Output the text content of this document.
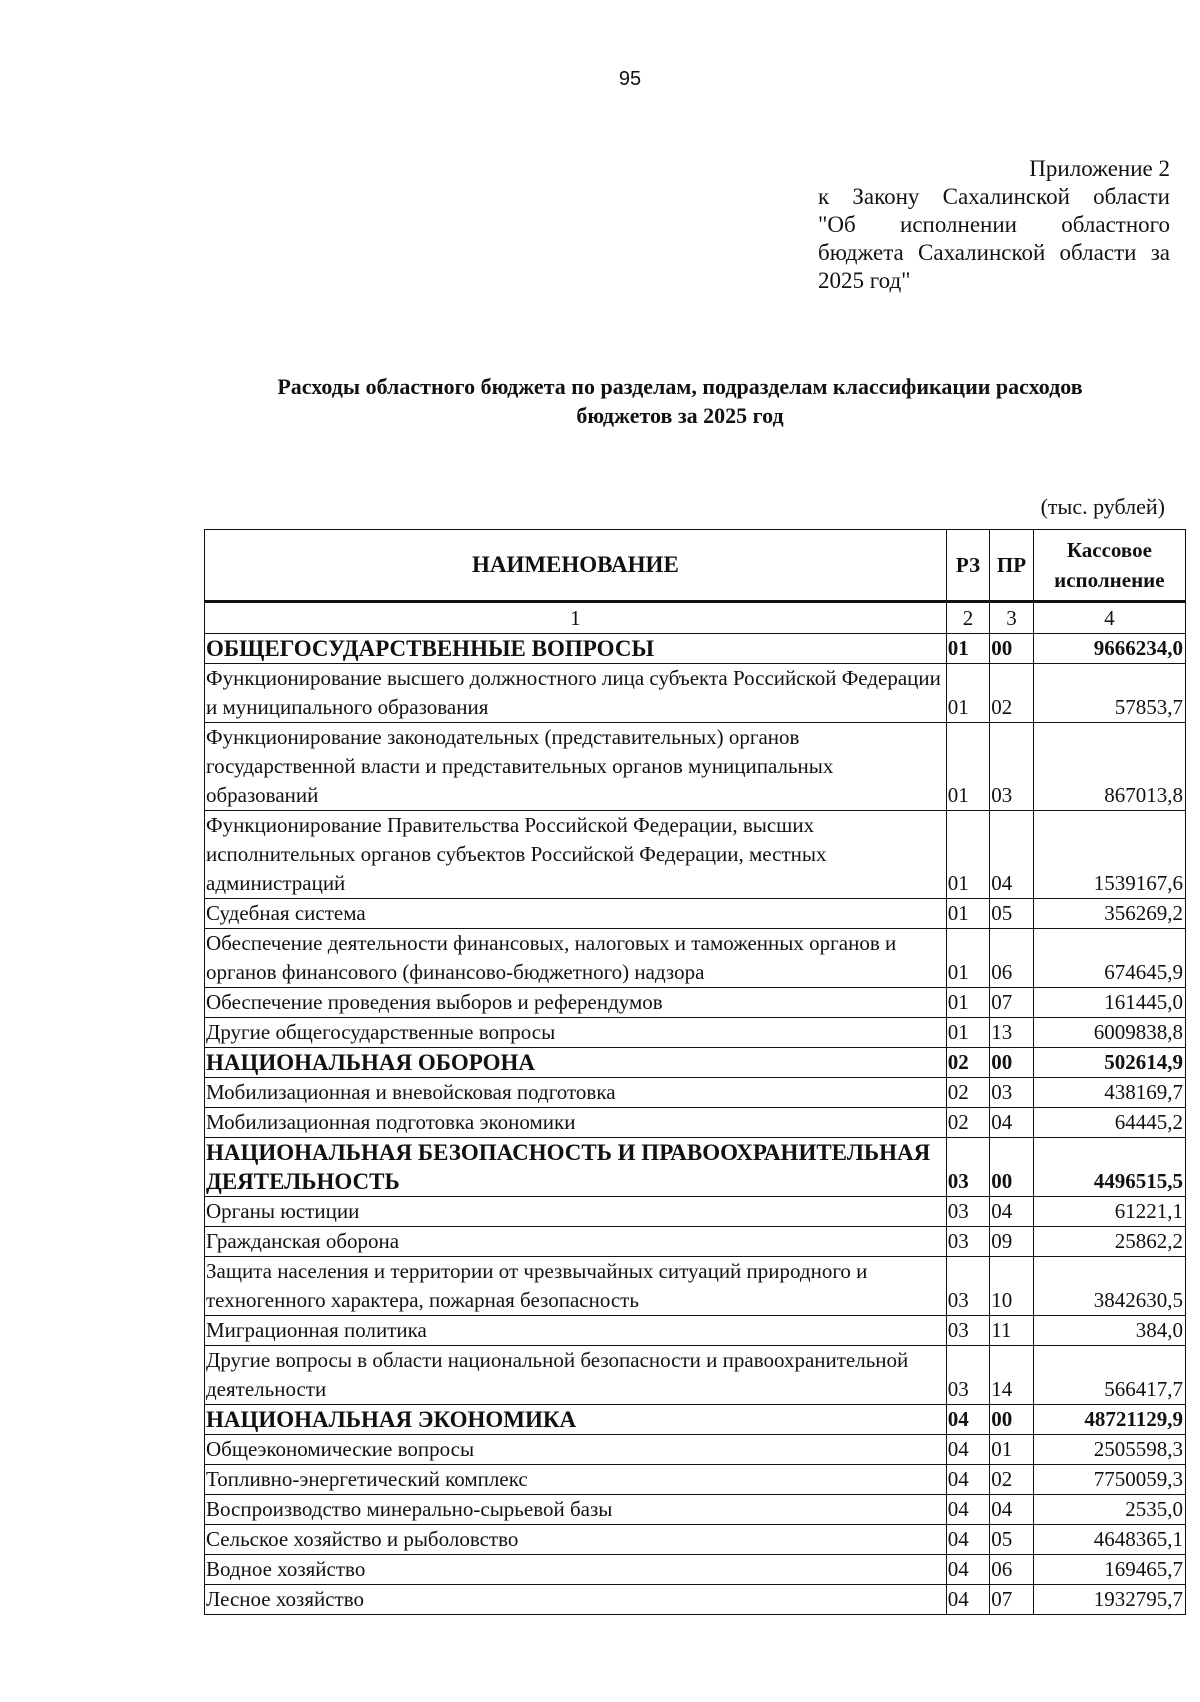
95
Приложение 2
к Закону Сахалинской области
"Об исполнении областного
бюджета Сахалинской области за
2025 год"
Расходы областного бюджета по разделам, подразделам классификации расходов
бюджетов за 2025 год
(тыс. рублей)
НАИМЕНОВАНИЕ	РЗ	ПР	Кассовое
исполнение

1	2	3	4
ОБЩЕГОСУДАРСТВЕННЫЕ ВОПРОСЫ	01	00	9666234,0
Функционирование высшего должностного лица субъекта Российской Федерации и муниципального образования	01	02	57853,7
Функционирование законодательных (представительных) органов государственной власти и представительных органов муниципальных образований	01	03	867013,8
Функционирование Правительства Российской Федерации, высших исполнительных органов субъектов Российской Федерации, местных администраций	01	04	1539167,6
Судебная система	01	05	356269,2
Обеспечение деятельности финансовых, налоговых и таможенных органов и органов финансового (финансово-бюджетного) надзора	01	06	674645,9
Обеспечение проведения выборов и референдумов	01	07	161445,0
Другие общегосударственные вопросы	01	13	6009838,8
НАЦИОНАЛЬНАЯ ОБОРОНА	02	00	502614,9
Мобилизационная и вневойсковая подготовка	02	03	438169,7
Мобилизационная подготовка экономики	02	04	64445,2
НАЦИОНАЛЬНАЯ БЕЗОПАСНОСТЬ И ПРАВООХРАНИТЕЛЬНАЯ ДЕЯТЕЛЬНОСТЬ	03	00	4496515,5
Органы юстиции	03	04	61221,1
Гражданская оборона	03	09	25862,2
Защита населения и территории от чрезвычайных ситуаций природного и техногенного характера, пожарная безопасность	03	10	3842630,5
Миграционная политика	03	11	384,0
Другие вопросы в области национальной безопасности и правоохранительной деятельности	03	14	566417,7
НАЦИОНАЛЬНАЯ ЭКОНОМИКА	04	00	48721129,9
Общеэкономические вопросы	04	01	2505598,3
Топливно-энергетический комплекс	04	02	7750059,3
Воспроизводство минерально-сырьевой базы	04	04	2535,0
Сельское хозяйство и рыболовство	04	05	4648365,1
Водное хозяйство	04	06	169465,7
Лесное хозяйство	04	07	1932795,7
